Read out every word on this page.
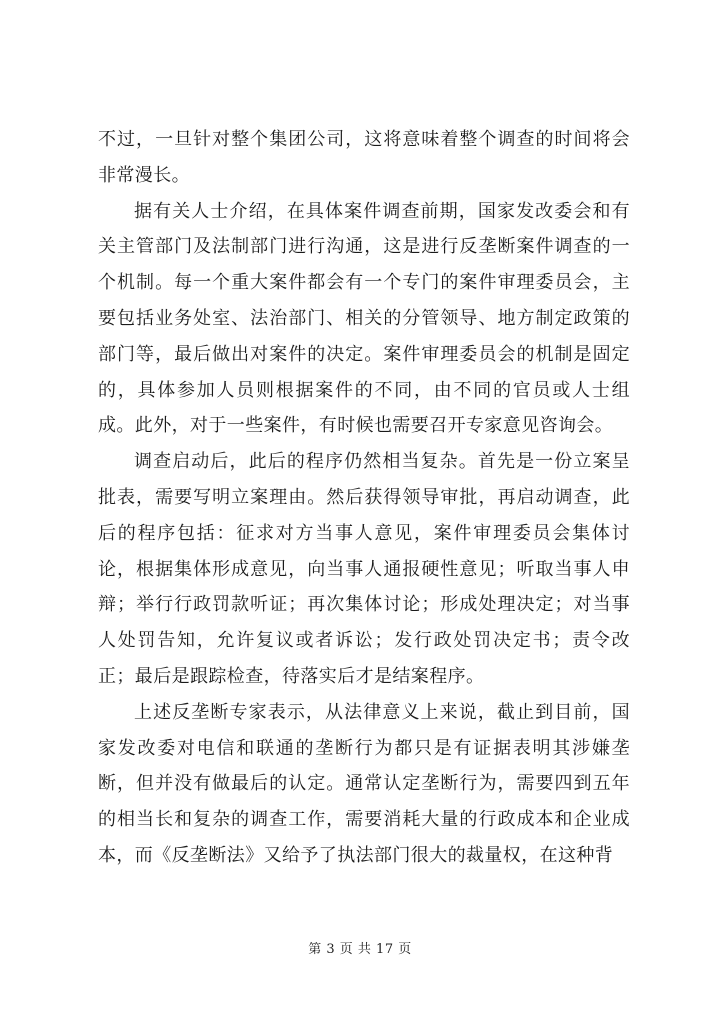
不过，一旦针对整个集团公司，这将意味着整个调查的时间将会非常漫长。

据有关人士介绍，在具体案件调查前期，国家发改委会和有关主管部门及法制部门进行沟通，这是进行反垄断案件调查的一个机制。每一个重大案件都会有一个专门的案件审理委员会，主要包括业务处室、法治部门、相关的分管领导、地方制定政策的部门等，最后做出对案件的决定。案件审理委员会的机制是固定的，具体参加人员则根据案件的不同，由不同的官员或人士组成。此外，对于一些案件，有时候也需要召开专家意见咨询会。

调查启动后，此后的程序仍然相当复杂。首先是一份立案呈批表，需要写明立案理由。然后获得领导审批，再启动调查，此后的程序包括：征求对方当事人意见，案件审理委员会集体讨论，根据集体形成意见，向当事人通报硬性意见；听取当事人申辩；举行行政罚款听证；再次集体讨论；形成处理决定；对当事人处罚告知，允许复议或者诉讼；发行政处罚决定书；责令改正；最后是跟踪检查，待落实后才是结案程序。

上述反垄断专家表示，从法律意义上来说，截止到目前，国家发改委对电信和联通的垄断行为都只是有证据表明其涉嫌垄断，但并没有做最后的认定。通常认定垄断行为，需要四到五年的相当长和复杂的调查工作，需要消耗大量的行政成本和企业成本，而《反垄断法》又给予了执法部门很大的裁量权，在这种背

第 3 页 共 17 页
